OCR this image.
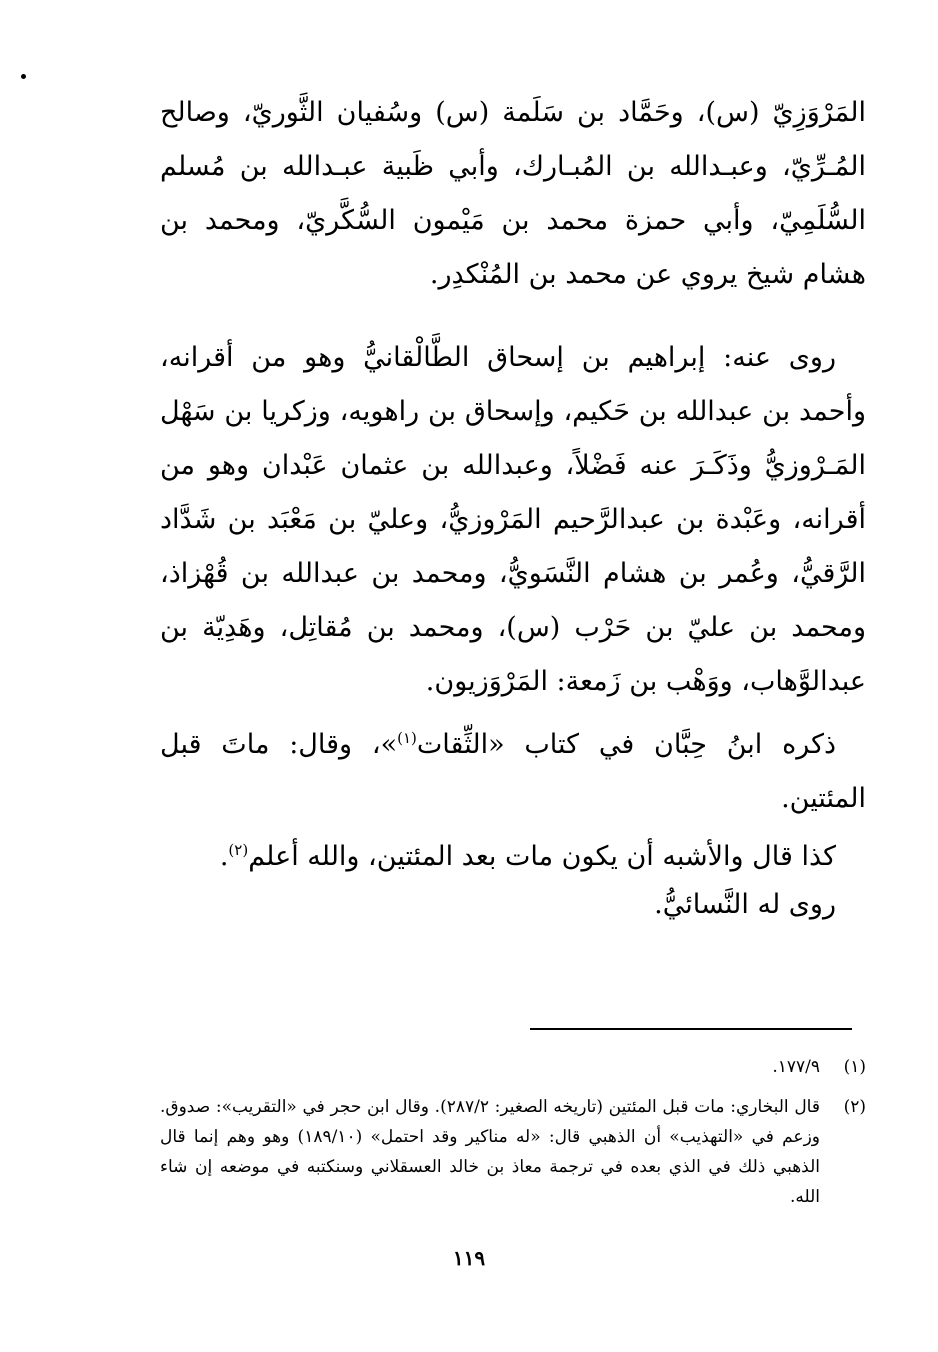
المَرْوَزِيّ (س)، وحَمَّاد بن سَلَمة (س) وسُفيان الثَّوريّ، وصالح المُـرِّيّ، وعبـدالله بن المُبـارك، وأبي ظَبية عبـدالله بن مُسلم السُّلَمِيّ، وأبي حمزة محمد بن مَيْمون السُّكَّريّ، ومحمد بن هشام شيخ يروي عن محمد بن المُنْكدِر.

روى عنه: إبراهيم بن إسحاق الطَّالْقانيُّ وهو من أقرانه، وأحمد بن عبدالله بن حَكيم، وإسحاق بن راهويه، وزكريا بن سَهْل المَـرْوزيُّ وذَكَـرَ عنه فَضْلاً، وعبدالله بن عثمان عَبْدان وهو من أقرانه، وعَبْدة بن عبدالرَّحيم المَرْوزيُّ، وعليّ بن مَعْبَد بن شَدَّاد الرَّقيُّ، وعُمر بن هشام النَّسَويُّ، ومحمد بن عبدالله بن قُهْزاذ، ومحمد بن عليّ بن حَرْب (س)، ومحمد بن مُقاتِل، وهَدِيّة بن عبدالوَّهاب، ووَهْب بن زَمعة: المَرْوَزيون.

ذكره ابنُ حِبَّان في كتاب «الثِّقات$^{(١)}$»، وقال: ماتَ قبل المئتين.

كذا قال والأشبه أن يكون مات بعد المئتين، والله أعلم$^{(٢)}$.

روى له النَّسائيُّ.

(١)
١٧٧/٩.

(٢)
قال البخاري: مات قبل المئتين (تاريخه الصغير: ٢٨٧/٢). وقال ابن حجر في «التقريب»: صدوق. وزعم في «التهذيب» أن الذهبي قال: «له مناكير وقد احتمل» (١٨٩/١٠) وهو وهم إنما قال الذهبي ذلك في الذي بعده في ترجمة معاذ بن خالد العسقلاني وسنكتبه في موضعه إن شاء الله.

١١٩
